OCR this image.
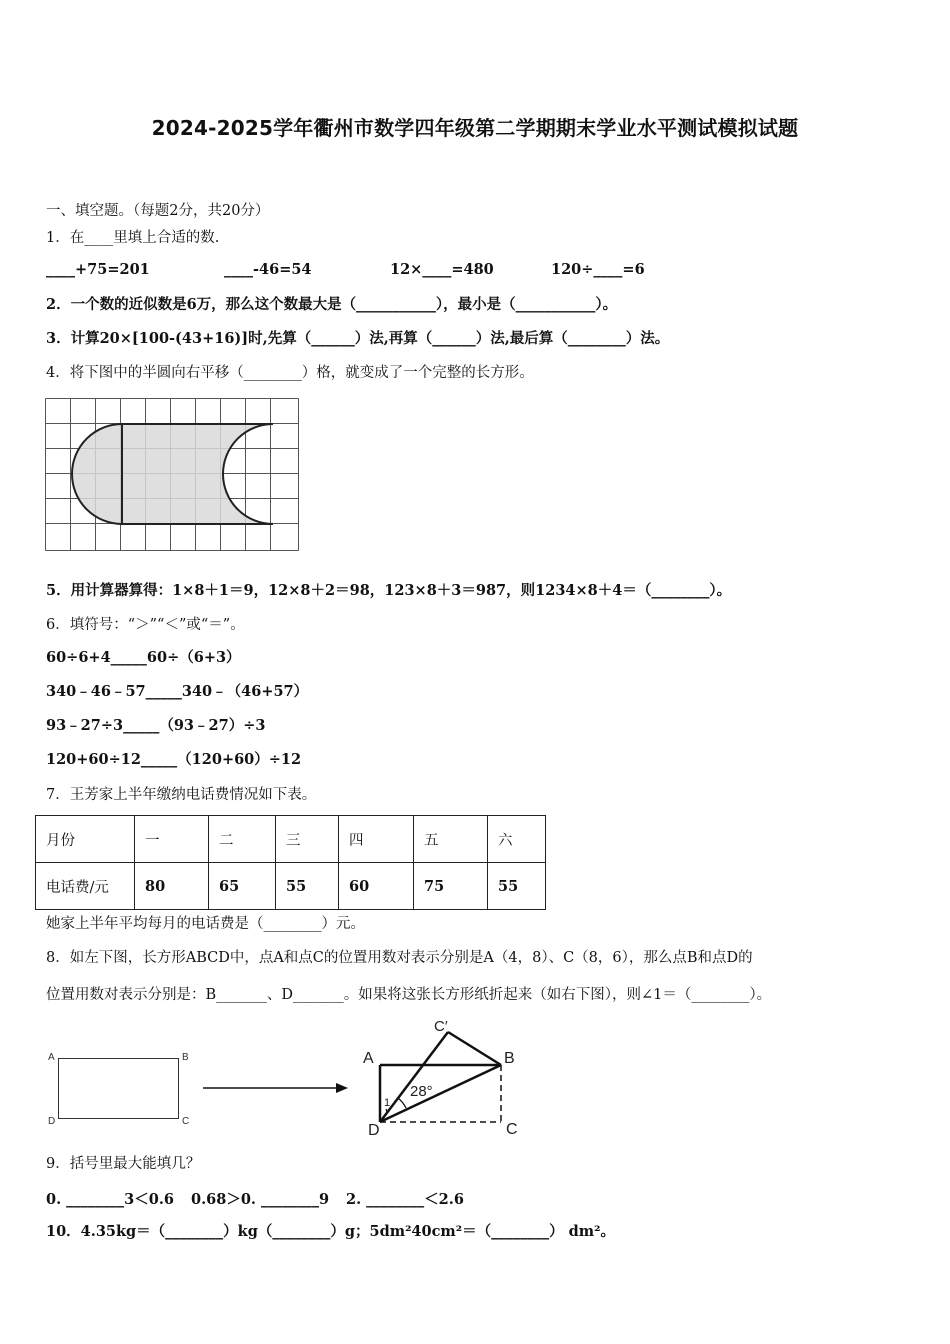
2024-2025学年衢州市数学四年级第二学期期末学业水平测试模拟试题
一、填空题。（每题2分，共20分）
1．在____里填上合适的数.
____+75=201	____-46=54	12×____=480	120÷____=6
2．一个数的近似数是6万，那么这个数最大是（___________），最小是（___________）。
3．计算20×[100-(43+16)]时,先算（______）法,再算（______）法,最后算（________）法。
4．将下图中的半圆向右平移（________）格，就变成了一个完整的长方形。
5．用计算器算得：1×8＋1＝9，12×8＋2＝98，123×8＋3＝987，则1234×8＋4＝（________）。
6．填符号：“＞”“＜”或“＝”。
60÷6+4_____60÷（6+3）
340﹣46﹣57_____340﹣（46+57）
93﹣27÷3_____（93﹣27）÷3
120+60÷12_____（120+60）÷12
7．王芳家上半年缴纳电话费情况如下表。
月份	一	二	三	四	五	六
电话费/元	80	65	55	60	75	55
她家上半年平均每月的电话费是（________）元。
8．如左下图，长方形ABCD中，点A和点C的位置用数对表示分别是A（4，8）、C（8，6），那么点B和点D的
位置用数对表示分别是：B_______、D_______。如果将这张长方形纸折起来（如右下图），则∠1＝（________）。
A	B
C
D
A	B
C
D
C′
28°
1
9．括号里最大能填几？
0. ________3＜0.6 0.68＞0. ________9 2. ________＜2.6
10．4.35kg＝（________）kg（________）g；5dm²40cm²＝（________） dm²。
